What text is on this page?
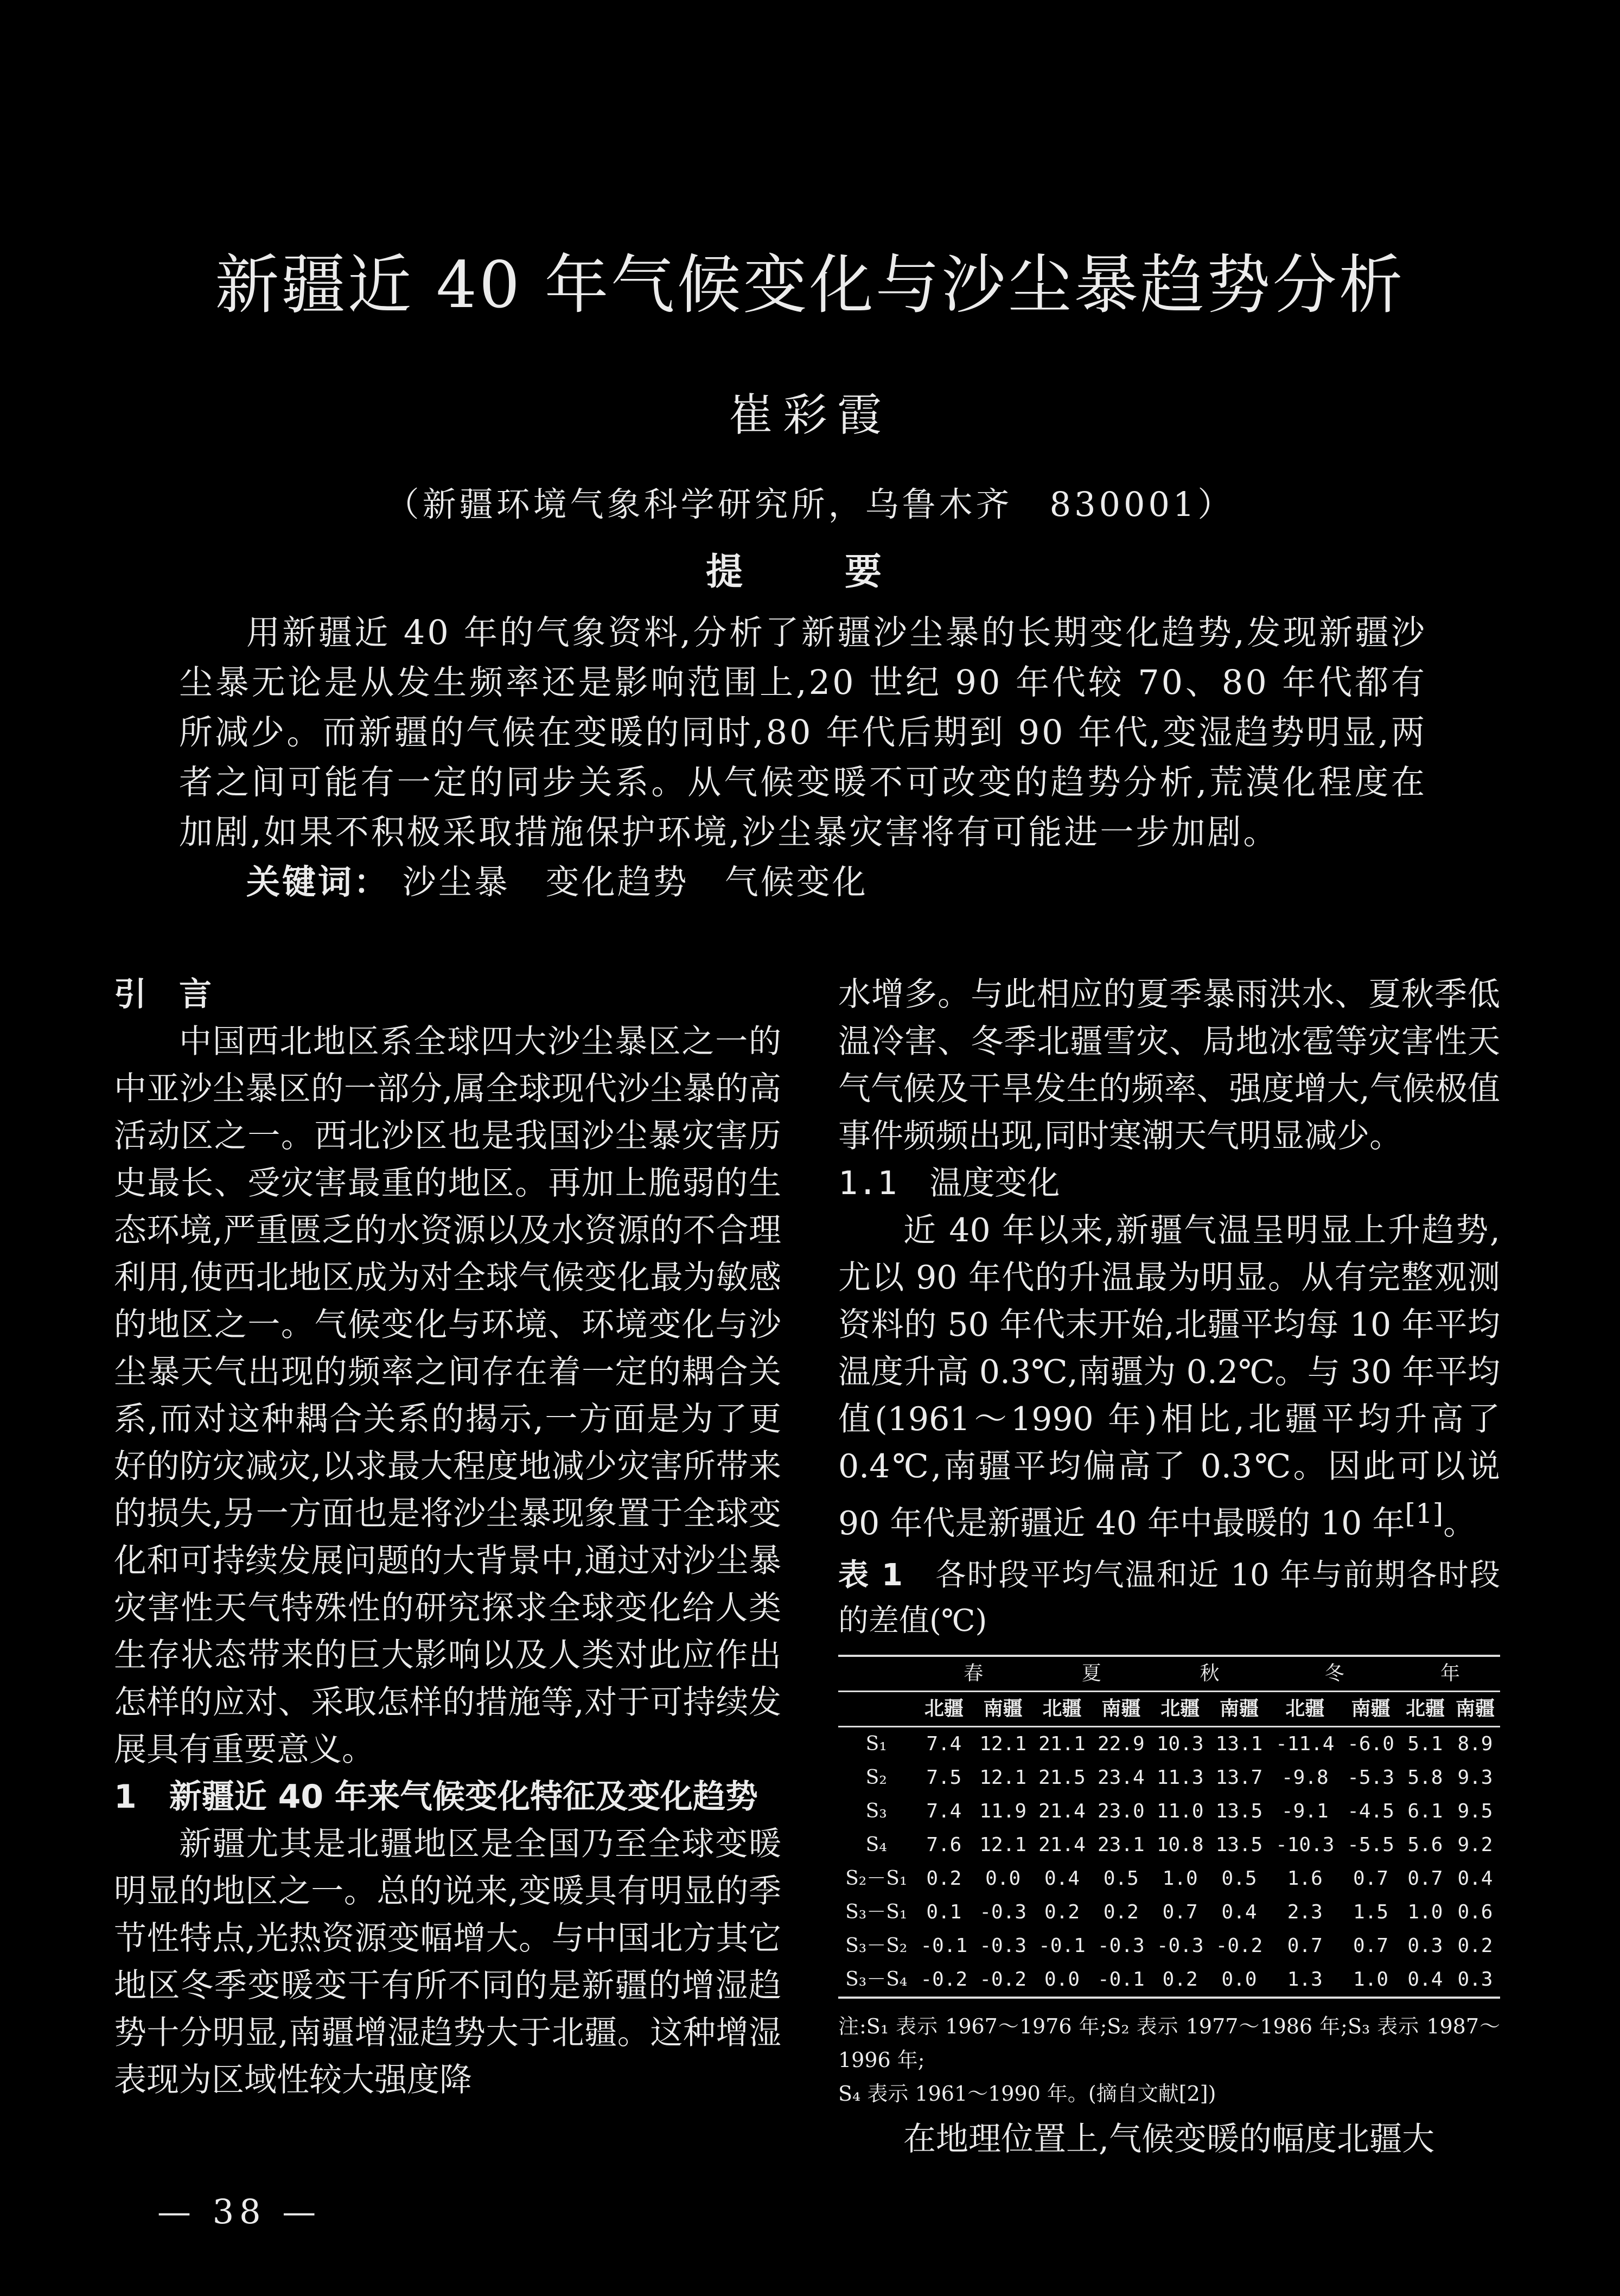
新疆近 40 年气候变化与沙尘暴趋势分析
崔彩霞
（新疆环境气象科学研究所，乌鲁木齐　830001）
提　要

用新疆近 40 年的气象资料,分析了新疆沙尘暴的长期变化趋势,发现新疆沙尘暴无论是从发生频率还是影响范围上,20 世纪 90 年代较 70、80 年代都有所减少。而新疆的气候在变暖的同时,80 年代后期到 90 年代,变湿趋势明显,两者之间可能有一定的同步关系。从气候变暖不可改变的趋势分析,荒漠化程度在加剧,如果不积极采取措施保护环境,沙尘暴灾害将有可能进一步加剧。

关键词： 沙尘暴　变化趋势　气候变化

引　言

中国西北地区系全球四大沙尘暴区之一的中亚沙尘暴区的一部分,属全球现代沙尘暴的高活动区之一。西北沙区也是我国沙尘暴灾害历史最长、受灾害最重的地区。再加上脆弱的生态环境,严重匮乏的水资源以及水资源的不合理利用,使西北地区成为对全球气候变化最为敏感的地区之一。气候变化与环境、环境变化与沙尘暴天气出现的频率之间存在着一定的耦合关系,而对这种耦合关系的揭示,一方面是为了更好的防灾减灾,以求最大程度地减少灾害所带来的损失,另一方面也是将沙尘暴现象置于全球变化和可持续发展问题的大背景中,通过对沙尘暴灾害性天气特殊性的研究探求全球变化给人类生存状态带来的巨大影响以及人类对此应作出怎样的应对、采取怎样的措施等,对于可持续发展具有重要意义。

1　新疆近 40 年来气候变化特征及变化趋势

新疆尤其是北疆地区是全国乃至全球变暖明显的地区之一。总的说来,变暖具有明显的季节性特点,光热资源变幅增大。与中国北方其它地区冬季变暖变干有所不同的是新疆的增湿趋势十分明显,南疆增湿趋势大于北疆。这种增湿表现为区域性较大强度降

水增多。与此相应的夏季暴雨洪水、夏秋季低温冷害、冬季北疆雪灾、局地冰雹等灾害性天气气候及干旱发生的频率、强度增大,气候极值事件频频出现,同时寒潮天气明显减少。

1.1　 温度变化

近 40 年以来,新疆气温呈明显上升趋势,尤以 90 年代的升温最为明显。从有完整观测资料的 50 年代末开始,北疆平均每 10 年平均温度升高 0.3℃,南疆为 0.2℃。与 30 年平均值(1961～1990 年)相比,北疆平均升高了 0.4℃,南疆平均偏高了 0.3℃。因此可以说 90 年代是新疆近 40 年中最暖的 10 年[1]。

表 1　 各时段平均气温和近 10 年与前期各时段的差值(℃)

	春		夏		秋		冬		年	
	北疆	南疆	北疆	南疆	北疆	南疆	北疆	南疆	北疆	南疆
S₁	7.4	12.1	21.1	22.9	10.3	13.1	-11.4	-6.0	5.1	8.9
S₂	7.5	12.1	21.5	23.4	11.3	13.7	-9.8	-5.3	5.8	9.3
S₃	7.4	11.9	21.4	23.0	11.0	13.5	-9.1	-4.5	6.1	9.5
S₄	7.6	12.1	21.4	23.1	10.8	13.5	-10.3	-5.5	5.6	9.2
S₂－S₁	0.2	0.0	0.4	0.5	1.0	0.5	1.6	0.7	0.7	0.4
S₃－S₁	0.1	-0.3	0.2	0.2	0.7	0.4	2.3	1.5	1.0	0.6
S₃－S₂	-0.1	-0.3	-0.1	-0.3	-0.3	-0.2	0.7	0.7	0.3	0.2
S₃－S₄	-0.2	-0.2	0.0	-0.1	0.2	0.0	1.3	1.0	0.4	0.3

注:S₁ 表示 1967～1976 年;S₂ 表示 1977～1986 年;S₃ 表示 1987～1996 年;
S₄ 表示 1961～1990 年。(摘自文献[2])

在地理位置上,气候变暖的幅度北疆大

— 38 —
